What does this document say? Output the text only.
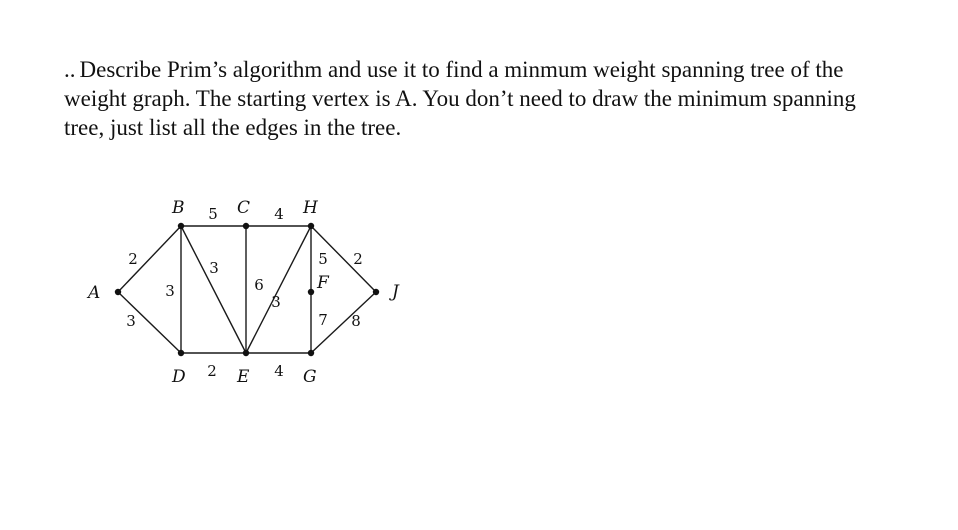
.. Describe Prim’s algorithm and use it to find a minmum weight spanning tree of the
weight graph. The starting vertex is A. You don’t need to draw the minimum spanning
tree, just list all the edges in the tree.

2
3
5	4
3
3
6
3
2	4
5
7
2
8
A
B	C	H
D	E	G
F	J
